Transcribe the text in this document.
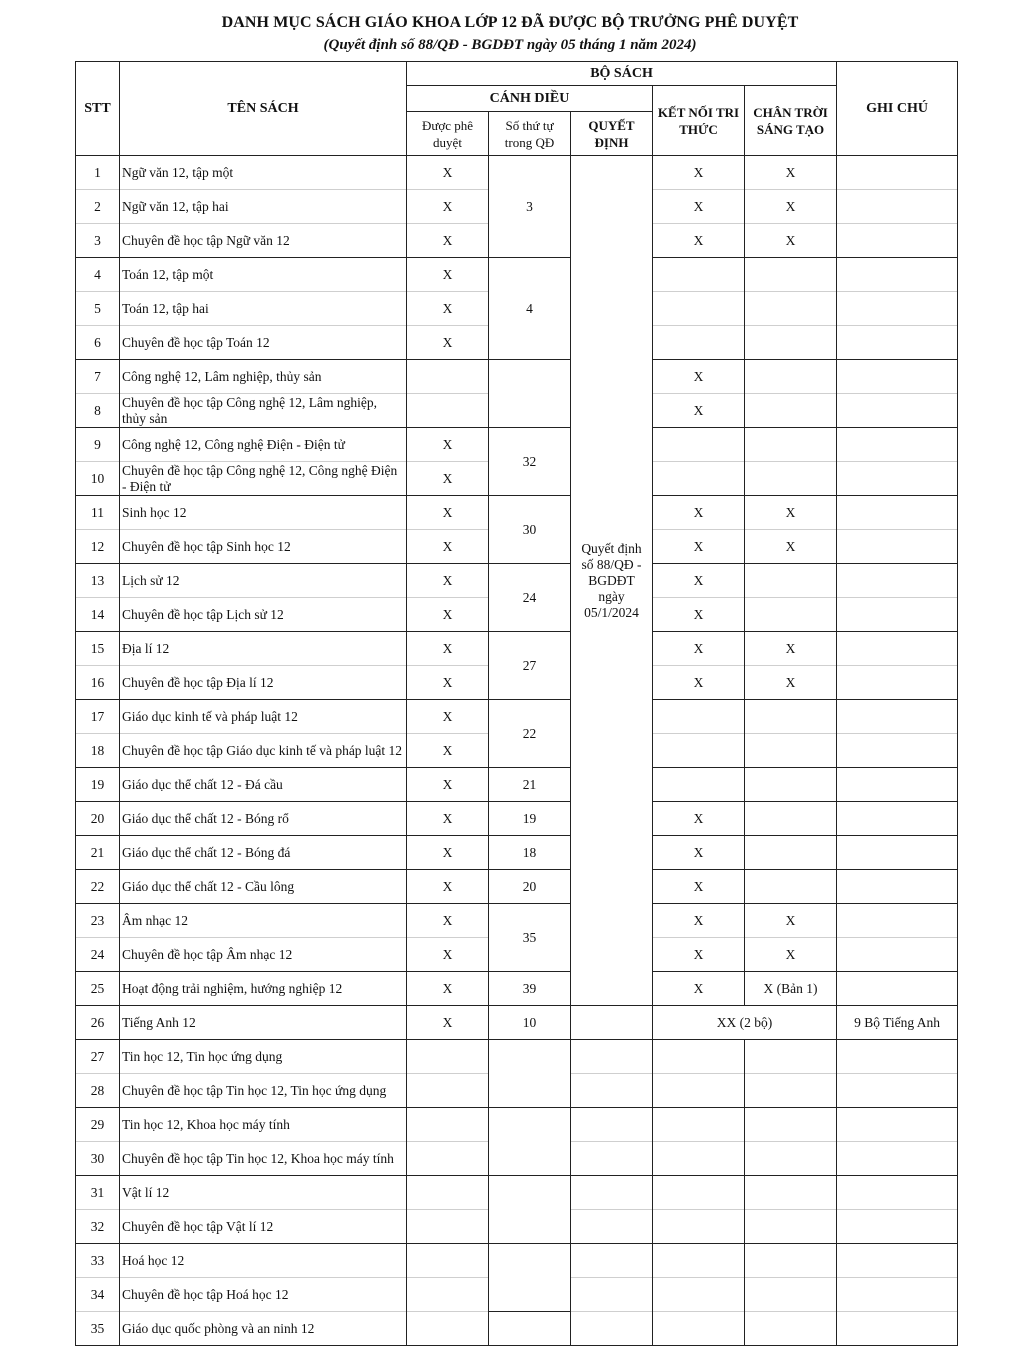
DANH MỤC SÁCH GIÁO KHOA LỚP 12 ĐÃ ĐƯỢC BỘ TRƯỞNG PHÊ DUYỆT
(Quyết định số 88/QĐ - BGDĐT ngày 05 tháng 1 năm 2024)
STT	TÊN SÁCH	BỘ SÁCH					GHI CHÚ
		CÁNH DIỀU			KẾT NỐI TRI THỨC	CHÂN TRỜI SÁNG TẠO	
		Được phê duyệt	Số thứ tự trong QĐ	QUYẾT ĐỊNH			
1	Ngữ văn 12, tập một	X	3	Quyết định số 88/QĐ - BGDĐT ngày 05/1/2024	X	X	
2	Ngữ văn 12, tập hai	X			X	X	
3	Chuyên đề học tập Ngữ văn 12	X			X	X	
4	Toán 12, tập một	X	4				
5	Toán 12, tập hai	X					
6	Chuyên đề học tập Toán 12	X					
7	Công nghệ 12, Lâm nghiệp, thủy sản				X		
8	Chuyên đề học tập Công nghệ 12, Lâm nghiệp, thủy sản				X		
9	Công nghệ 12, Công nghệ Điện - Điện tử	X	32				
10	Chuyên đề học tập Công nghệ 12, Công nghệ Điện - Điện tử	X					
11	Sinh học 12	X	30		X	X	
12	Chuyên đề học tập Sinh học 12	X			X	X	
13	Lịch sử 12	X	24		X		
14	Chuyên đề học tập Lịch sử 12	X			X		
15	Địa lí 12	X	27		X	X	
16	Chuyên đề học tập Địa lí 12	X			X	X	
17	Giáo dục kinh tế và pháp luật 12	X	22				
18	Chuyên đề học tập Giáo dục kinh tế và pháp luật 12	X					
19	Giáo dục thể chất 12 - Đá cầu	X	21				
20	Giáo dục thể chất 12 - Bóng rổ	X	19		X		
21	Giáo dục thể chất 12 - Bóng đá	X	18		X		
22	Giáo dục thể chất 12 - Cầu lông	X	20		X		
23	Âm nhạc 12	X	35		X	X	
24	Chuyên đề học tập Âm nhạc 12	X			X	X	
25	Hoạt động trải nghiệm, hướng nghiệp 12	X	39		X	X (Bản 1)	
26	Tiếng Anh 12	X	10		XX (2 bộ)		9 Bộ Tiếng Anh
27	Tin học 12, Tin học ứng dụng						
28	Chuyên đề học tập Tin học 12, Tin học ứng dụng						
29	Tin học 12, Khoa học máy tính						
30	Chuyên đề học tập Tin học 12, Khoa học máy tính						
31	Vật lí 12						
32	Chuyên đề học tập Vật lí 12						
33	Hoá học 12						
34	Chuyên đề học tập Hoá học 12						
35	Giáo dục quốc phòng và an ninh 12						
